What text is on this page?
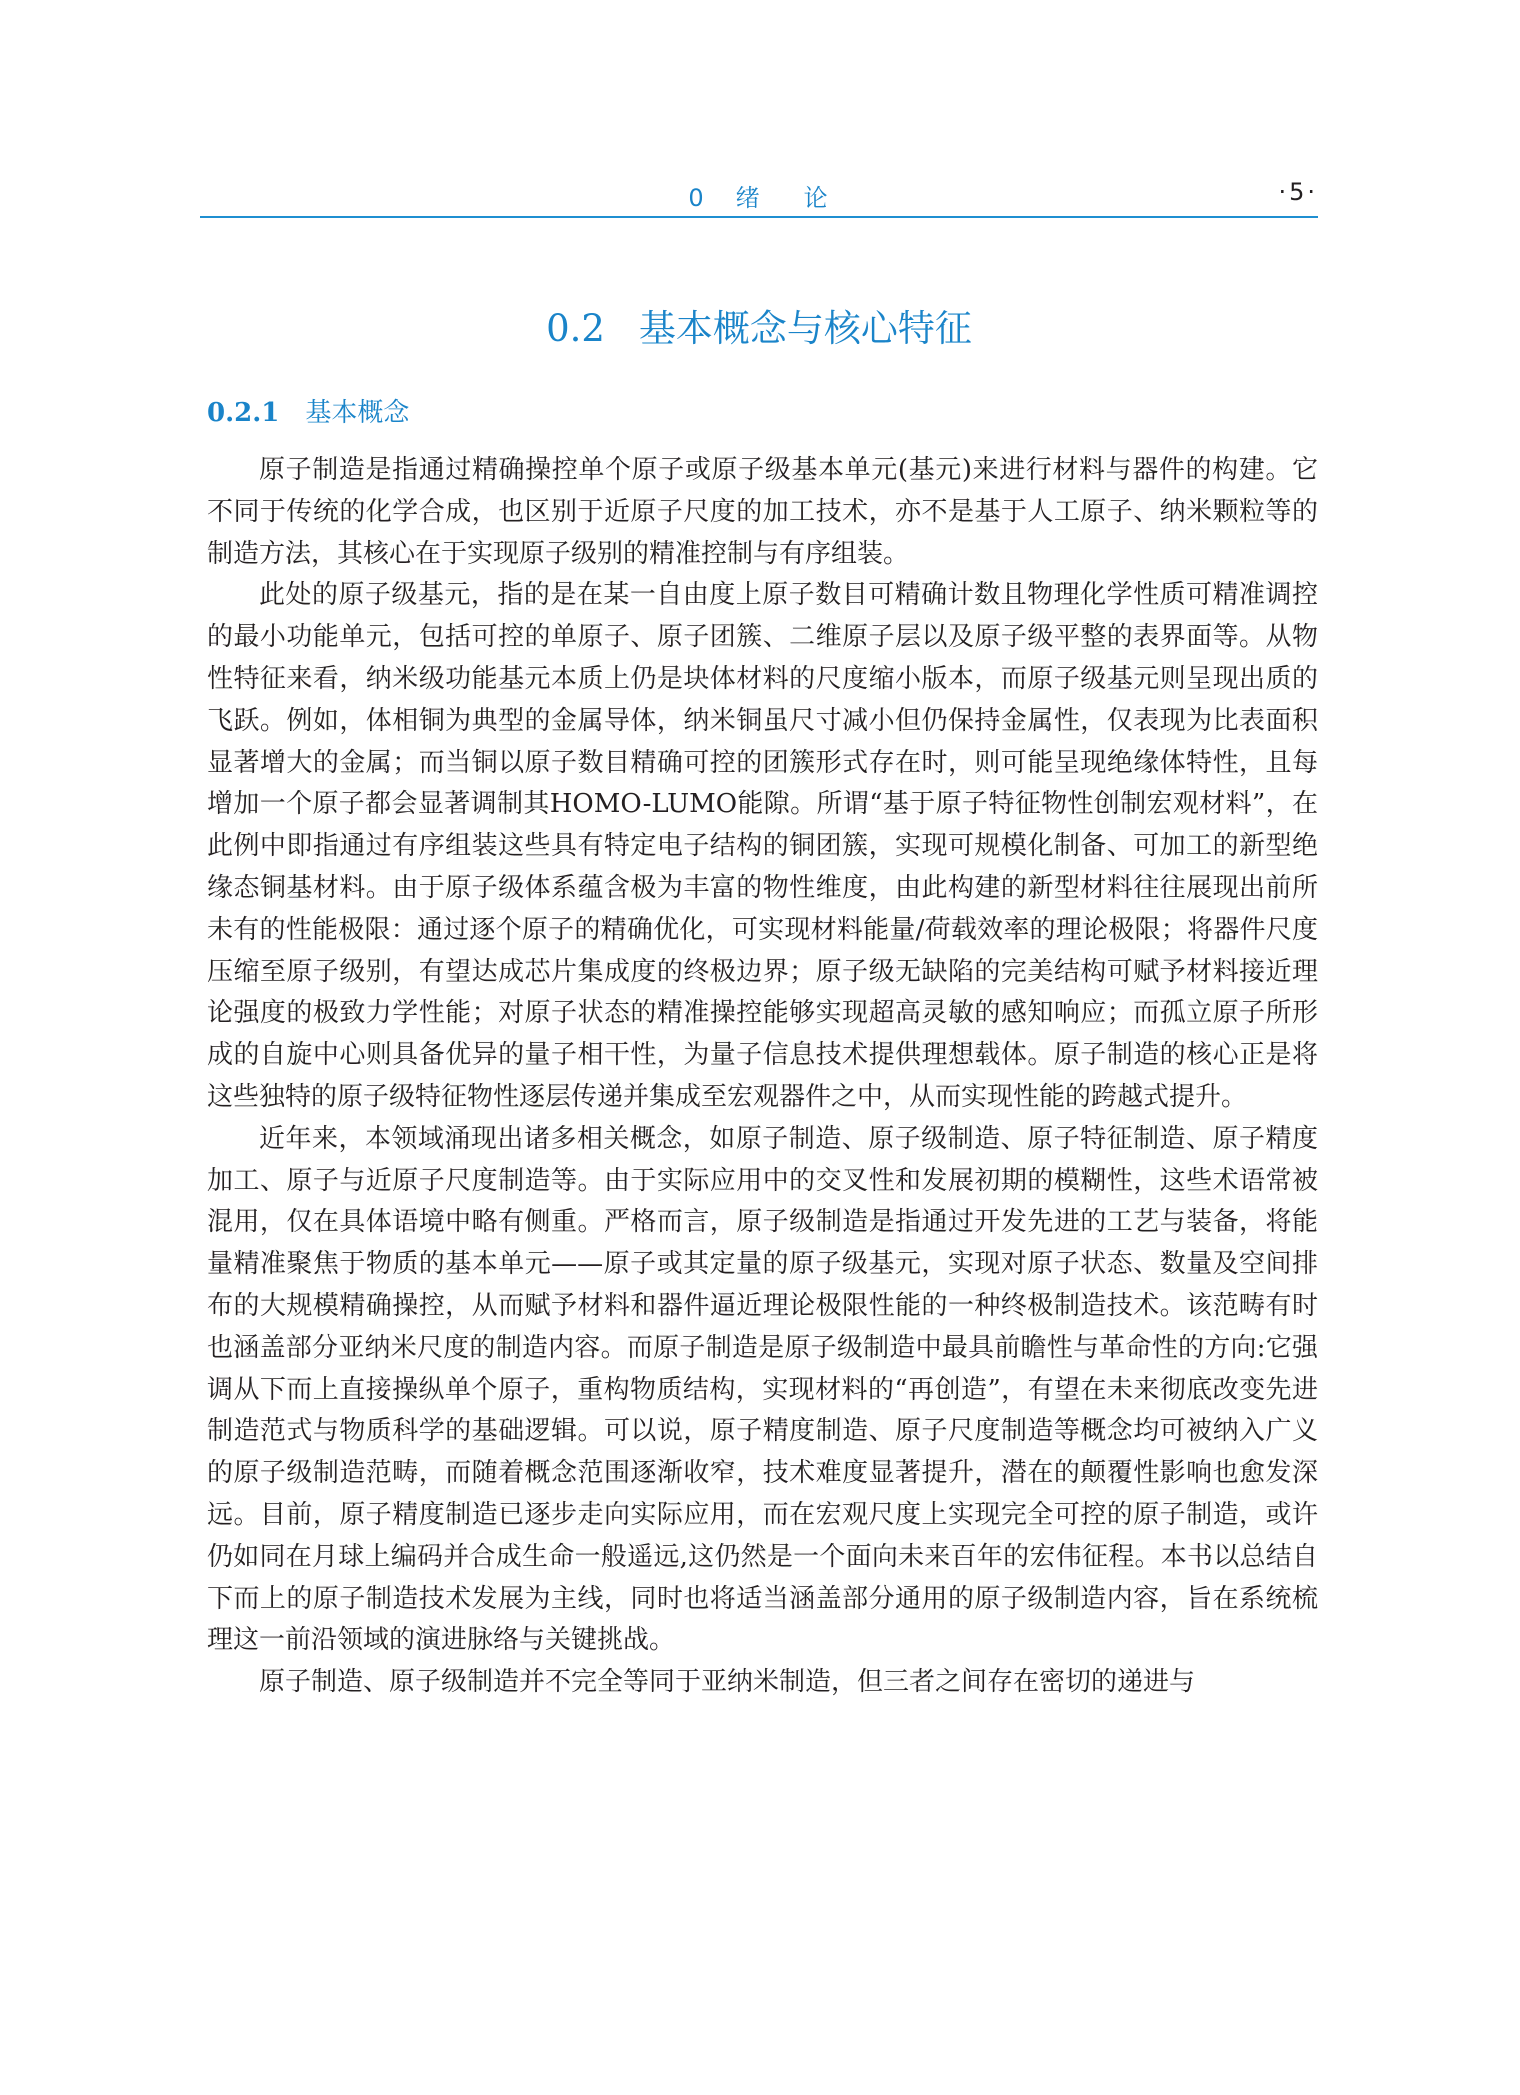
0 绪 论	·5·
0.2 基本概念与核心特征
0.2.1 基本概念

原子制造是指通过精确操控单个原子或原子级基本单元(基元)来进行材料与器件的构建。它不同于传统的化学合成，也区别于近原子尺度的加工技术，亦不是基于人工原子、纳米颗粒等的制造方法，其核心在于实现原子级别的精准控制与有序组装。

此处的原子级基元，指的是在某一自由度上原子数目可精确计数且物理化学性质可精准调控的最小功能单元，包括可控的单原子、原子团簇、二维原子层以及原子级平整的表界面等。从物性特征来看，纳米级功能基元本质上仍是块体材料的尺度缩小版本，而原子级基元则呈现出质的飞跃。例如，体相铜为典型的金属导体，纳米铜虽尺寸减小但仍保持金属性，仅表现为比表面积显著增大的金属；而当铜以原子数目精确可控的团簇形式存在时，则可能呈现绝缘体特性，且每增加一个原子都会显著调制其HOMO-LUMO能隙。所谓“基于原子特征物性创制宏观材料”，在此例中即指通过有序组装这些具有特定电子结构的铜团簇，实现可规模化制备、可加工的新型绝缘态铜基材料。由于原子级体系蕴含极为丰富的物性维度，由此构建的新型材料往往展现出前所未有的性能极限：通过逐个原子的精确优化，可实现材料能量/荷载效率的理论极限；将器件尺度压缩至原子级别，有望达成芯片集成度的终极边界；原子级无缺陷的完美结构可赋予材料接近理论强度的极致力学性能；对原子状态的精准操控能够实现超高灵敏的感知响应；而孤立原子所形成的自旋中心则具备优异的量子相干性，为量子信息技术提供理想载体。原子制造的核心正是将这些独特的原子级特征物性逐层传递并集成至宏观器件之中，从而实现性能的跨越式提升。

近年来，本领域涌现出诸多相关概念，如原子制造、原子级制造、原子特征制造、原子精度加工、原子与近原子尺度制造等。由于实际应用中的交叉性和发展初期的模糊性，这些术语常被混用，仅在具体语境中略有侧重。严格而言，原子级制造是指通过开发先进的工艺与装备，将能量精准聚焦于物质的基本单元——原子或其定量的原子级基元，实现对原子状态、数量及空间排布的大规模精确操控，从而赋予材料和器件逼近理论极限性能的一种终极制造技术。该范畴有时也涵盖部分亚纳米尺度的制造内容。而原子制造是原子级制造中最具前瞻性与革命性的方向:它强调从下而上直接操纵单个原子，重构物质结构，实现材料的“再创造”，有望在未来彻底改变先进制造范式与物质科学的基础逻辑。可以说，原子精度制造、原子尺度制造等概念均可被纳入广义的原子级制造范畴，而随着概念范围逐渐收窄，技术难度显著提升，潜在的颠覆性影响也愈发深远。目前，原子精度制造已逐步走向实际应用，而在宏观尺度上实现完全可控的原子制造，或许仍如同在月球上编码并合成生命一般遥远,这仍然是一个面向未来百年的宏伟征程。本书以总结自下而上的原子制造技术发展为主线，同时也将适当涵盖部分通用的原子级制造内容，旨在系统梳理这一前沿领域的演进脉络与关键挑战。

原子制造、原子级制造并不完全等同于亚纳米制造，但三者之间存在密切的递进与
